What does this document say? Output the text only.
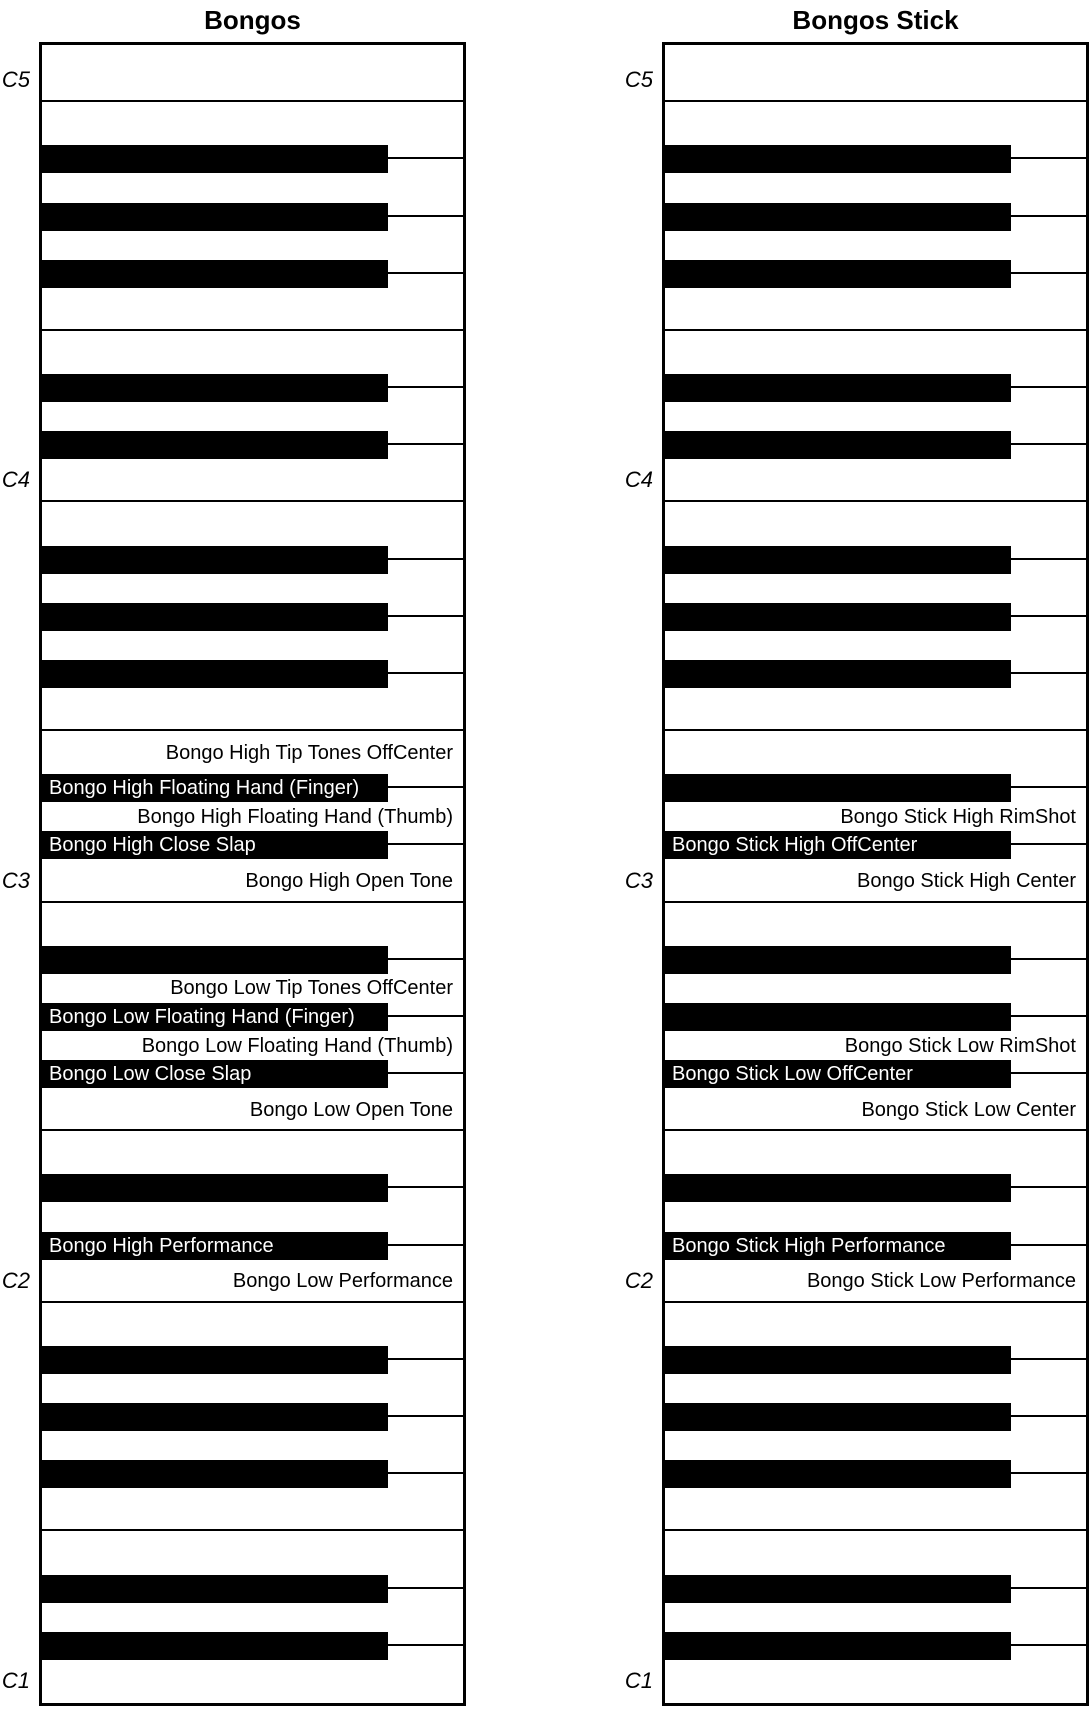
Bongos
Bongo High Tip Tones OffCenter
Bongo High Floating Hand (Thumb)
Bongo High Open Tone
Bongo Low Tip Tones OffCenter
Bongo Low Floating Hand (Thumb)
Bongo Low Open Tone
Bongo Low Performance
Bongo High Floating Hand (Finger)
Bongo High Close Slap
Bongo Low Floating Hand (Finger)
Bongo Low Close Slap
Bongo High Performance
C5
C4
C3
C2
C1
Bongos Stick
Bongo Stick High RimShot
Bongo Stick High Center
Bongo Stick Low RimShot
Bongo Stick Low Center
Bongo Stick Low Performance
Bongo Stick High OffCenter
Bongo Stick Low OffCenter
Bongo Stick High Performance
C5
C4
C3
C2
C1
